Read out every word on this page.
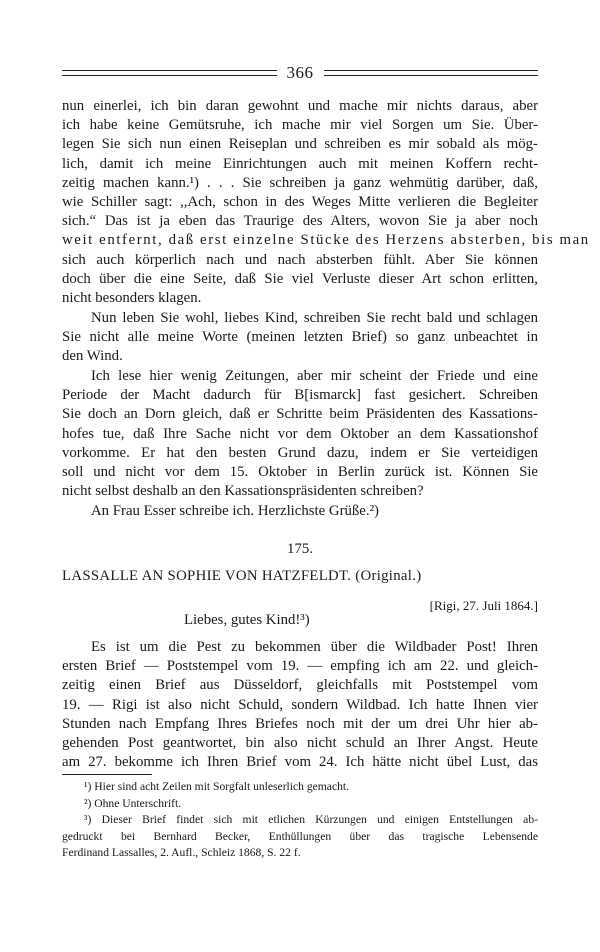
366
nun einerlei, ich bin daran gewohnt und mache mir nichts daraus, aber
ich habe keine Gemütsruhe, ich mache mir viel Sorgen um Sie. Über-
legen Sie sich nun einen Reiseplan und schreiben es mir sobald als mög-
lich, damit ich meine Einrichtungen auch mit meinen Koffern recht-
zeitig machen kann.¹) . . . Sie schreiben ja ganz wehmütig darüber, daß,
wie Schiller sagt: ,,Ach, schon in des Weges Mitte verlieren die Begleiter
sich.“ Das ist ja eben das Traurige des Alters, wovon Sie ja aber noch
weit entfernt, daß erst einzelne Stücke des Herzens absterben, bis man
sich auch körperlich nach und nach absterben fühlt. Aber Sie können
doch über die eine Seite, daß Sie viel Verluste dieser Art schon erlitten,
nicht besonders klagen.
Nun leben Sie wohl, liebes Kind, schreiben Sie recht bald und schlagen
Sie nicht alle meine Worte (meinen letzten Brief) so ganz unbeachtet in
den Wind.
Ich lese hier wenig Zeitungen, aber mir scheint der Friede und eine
Periode der Macht dadurch für B[ismarck] fast gesichert. Schreiben
Sie doch an Dorn gleich, daß er Schritte beim Präsidenten des Kassations-
hofes tue, daß Ihre Sache nicht vor dem Oktober an dem Kassationshof
vorkomme. Er hat den besten Grund dazu, indem er Sie verteidigen
soll und nicht vor dem 15. Oktober in Berlin zurück ist. Können Sie
nicht selbst deshalb an den Kassationspräsidenten schreiben?
An Frau Esser schreibe ich. Herzlichste Grüße.²)
175.
LASSALLE AN SOPHIE VON HATZFELDT. (Original.)
[Rigi, 27. Juli 1864.]
Liebes, gutes Kind!³)
Es ist um die Pest zu bekommen über die Wildbader Post! Ihren
ersten Brief — Poststempel vom 19. — empfing ich am 22. und gleich-
zeitig einen Brief aus Düsseldorf, gleichfalls mit Poststempel vom
19. — Rigi ist also nicht Schuld, sondern Wildbad. Ich hatte Ihnen vier
Stunden nach Empfang Ihres Briefes noch mit der um drei Uhr hier ab-
gehenden Post geantwortet, bin also nicht schuld an Ihrer Angst. Heute
am 27. bekomme ich Ihren Brief vom 24. Ich hätte nicht übel Lust, das
¹) Hier sind acht Zeilen mit Sorgfalt unleserlich gemacht.
²) Ohne Unterschrift.
³) Dieser Brief findet sich mit etlichen Kürzungen und einigen Entstellungen ab-
gedruckt bei Bernhard Becker, Enthüllungen über das tragische Lebensende
Ferdinand Lassalles, 2. Aufl., Schleiz 1868, S. 22 f.
